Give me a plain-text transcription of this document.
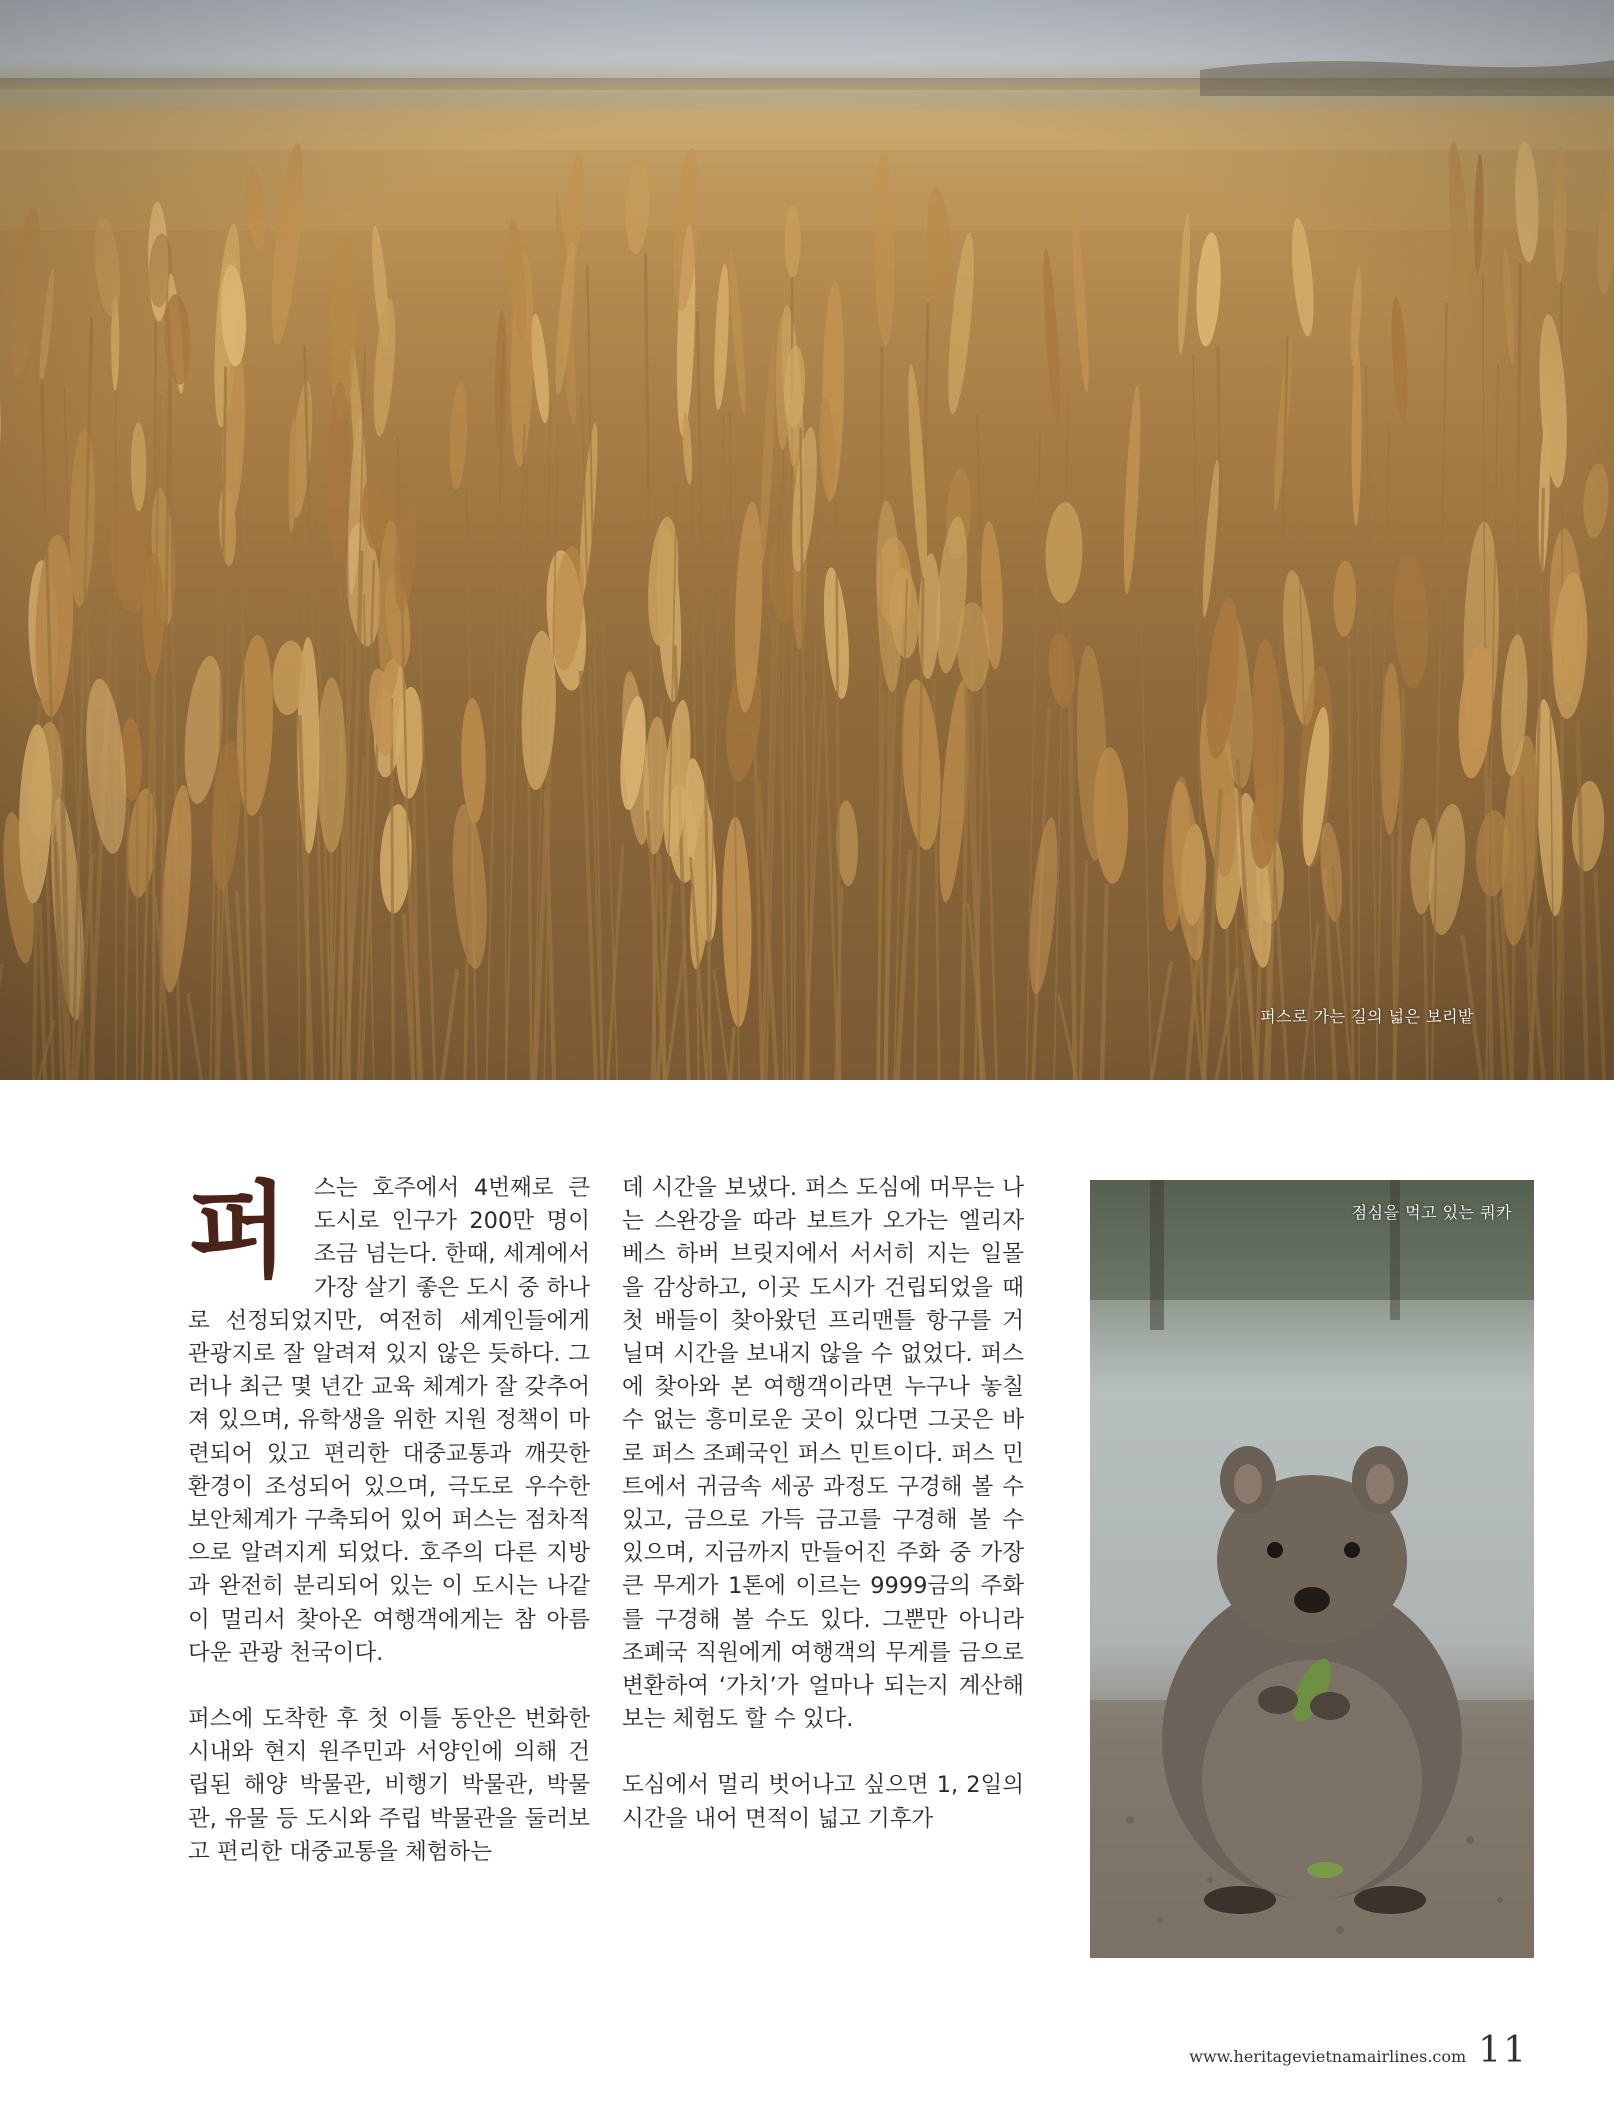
퍼스로 가는 길의 넓은 보리밭

퍼	스는 호주에서 4번째로 큰 도시로 인구가 200만 명이 조금 넘는다. 한때, 세계에서 가장 살기 좋은 도시 중 하나로 선정되었지만, 여전히 세계인들에게 관광지로 잘 알려져 있지 않은 듯하다. 그러나 최근 몇 년간 교육 체계가 잘 갖추어져 있으며, 유학생을 위한 지원 정책이 마련되어 있고 편리한 대중교통과 깨끗한 환경이 조성되어 있으며, 극도로 우수한 보안체계가 구축되어 있어 퍼스는 점차적으로 알려지게 되었다. 호주의 다른 지방과 완전히 분리되어 있는 이 도시는 나같이 멀리서 찾아온 여행객에게는 참 아름다운 관광 천국이다.

퍼스에 도착한 후 첫 이틀 동안은 번화한 시내와 현지 원주민과 서양인에 의해 건립된 해양 박물관, 비행기 박물관, 박물관, 유물 등 도시와 주립 박물관을 둘러보고 편리한 대중교통을 체험하는

데 시간을 보냈다. 퍼스 도심에 머무는 나는 스완강을 따라 보트가 오가는 엘리자베스 하버 브릿지에서 서서히 지는 일몰을 감상하고, 이곳 도시가 건립되었을 때 첫 배들이 찾아왔던 프리맨틀 항구를 거닐며 시간을 보내지 않을 수 없었다. 퍼스에 찾아와 본 여행객이라면 누구나 놓칠 수 없는 흥미로운 곳이 있다면 그곳은 바로 퍼스 조폐국인 퍼스 민트이다. 퍼스 민트에서 귀금속 세공 과정도 구경해 볼 수 있고, 금으로 가득 금고를 구경해 볼 수 있으며, 지금까지 만들어진 주화 중 가장 큰 무게가 1톤에 이르는 9999금의 주화를 구경해 볼 수도 있다. 그뿐만 아니라 조폐국 직원에게 여행객의 무게를 금으로 변환하여 ‘가치’가 얼마나 되는지 계산해 보는 체험도 할 수 있다.

도심에서 멀리 벗어나고 싶으면 1, 2일의 시간을 내어 면적이 넓고 기후가

점심을 먹고 있는 쿼카
www.heritagevietnamairlines.com 11
